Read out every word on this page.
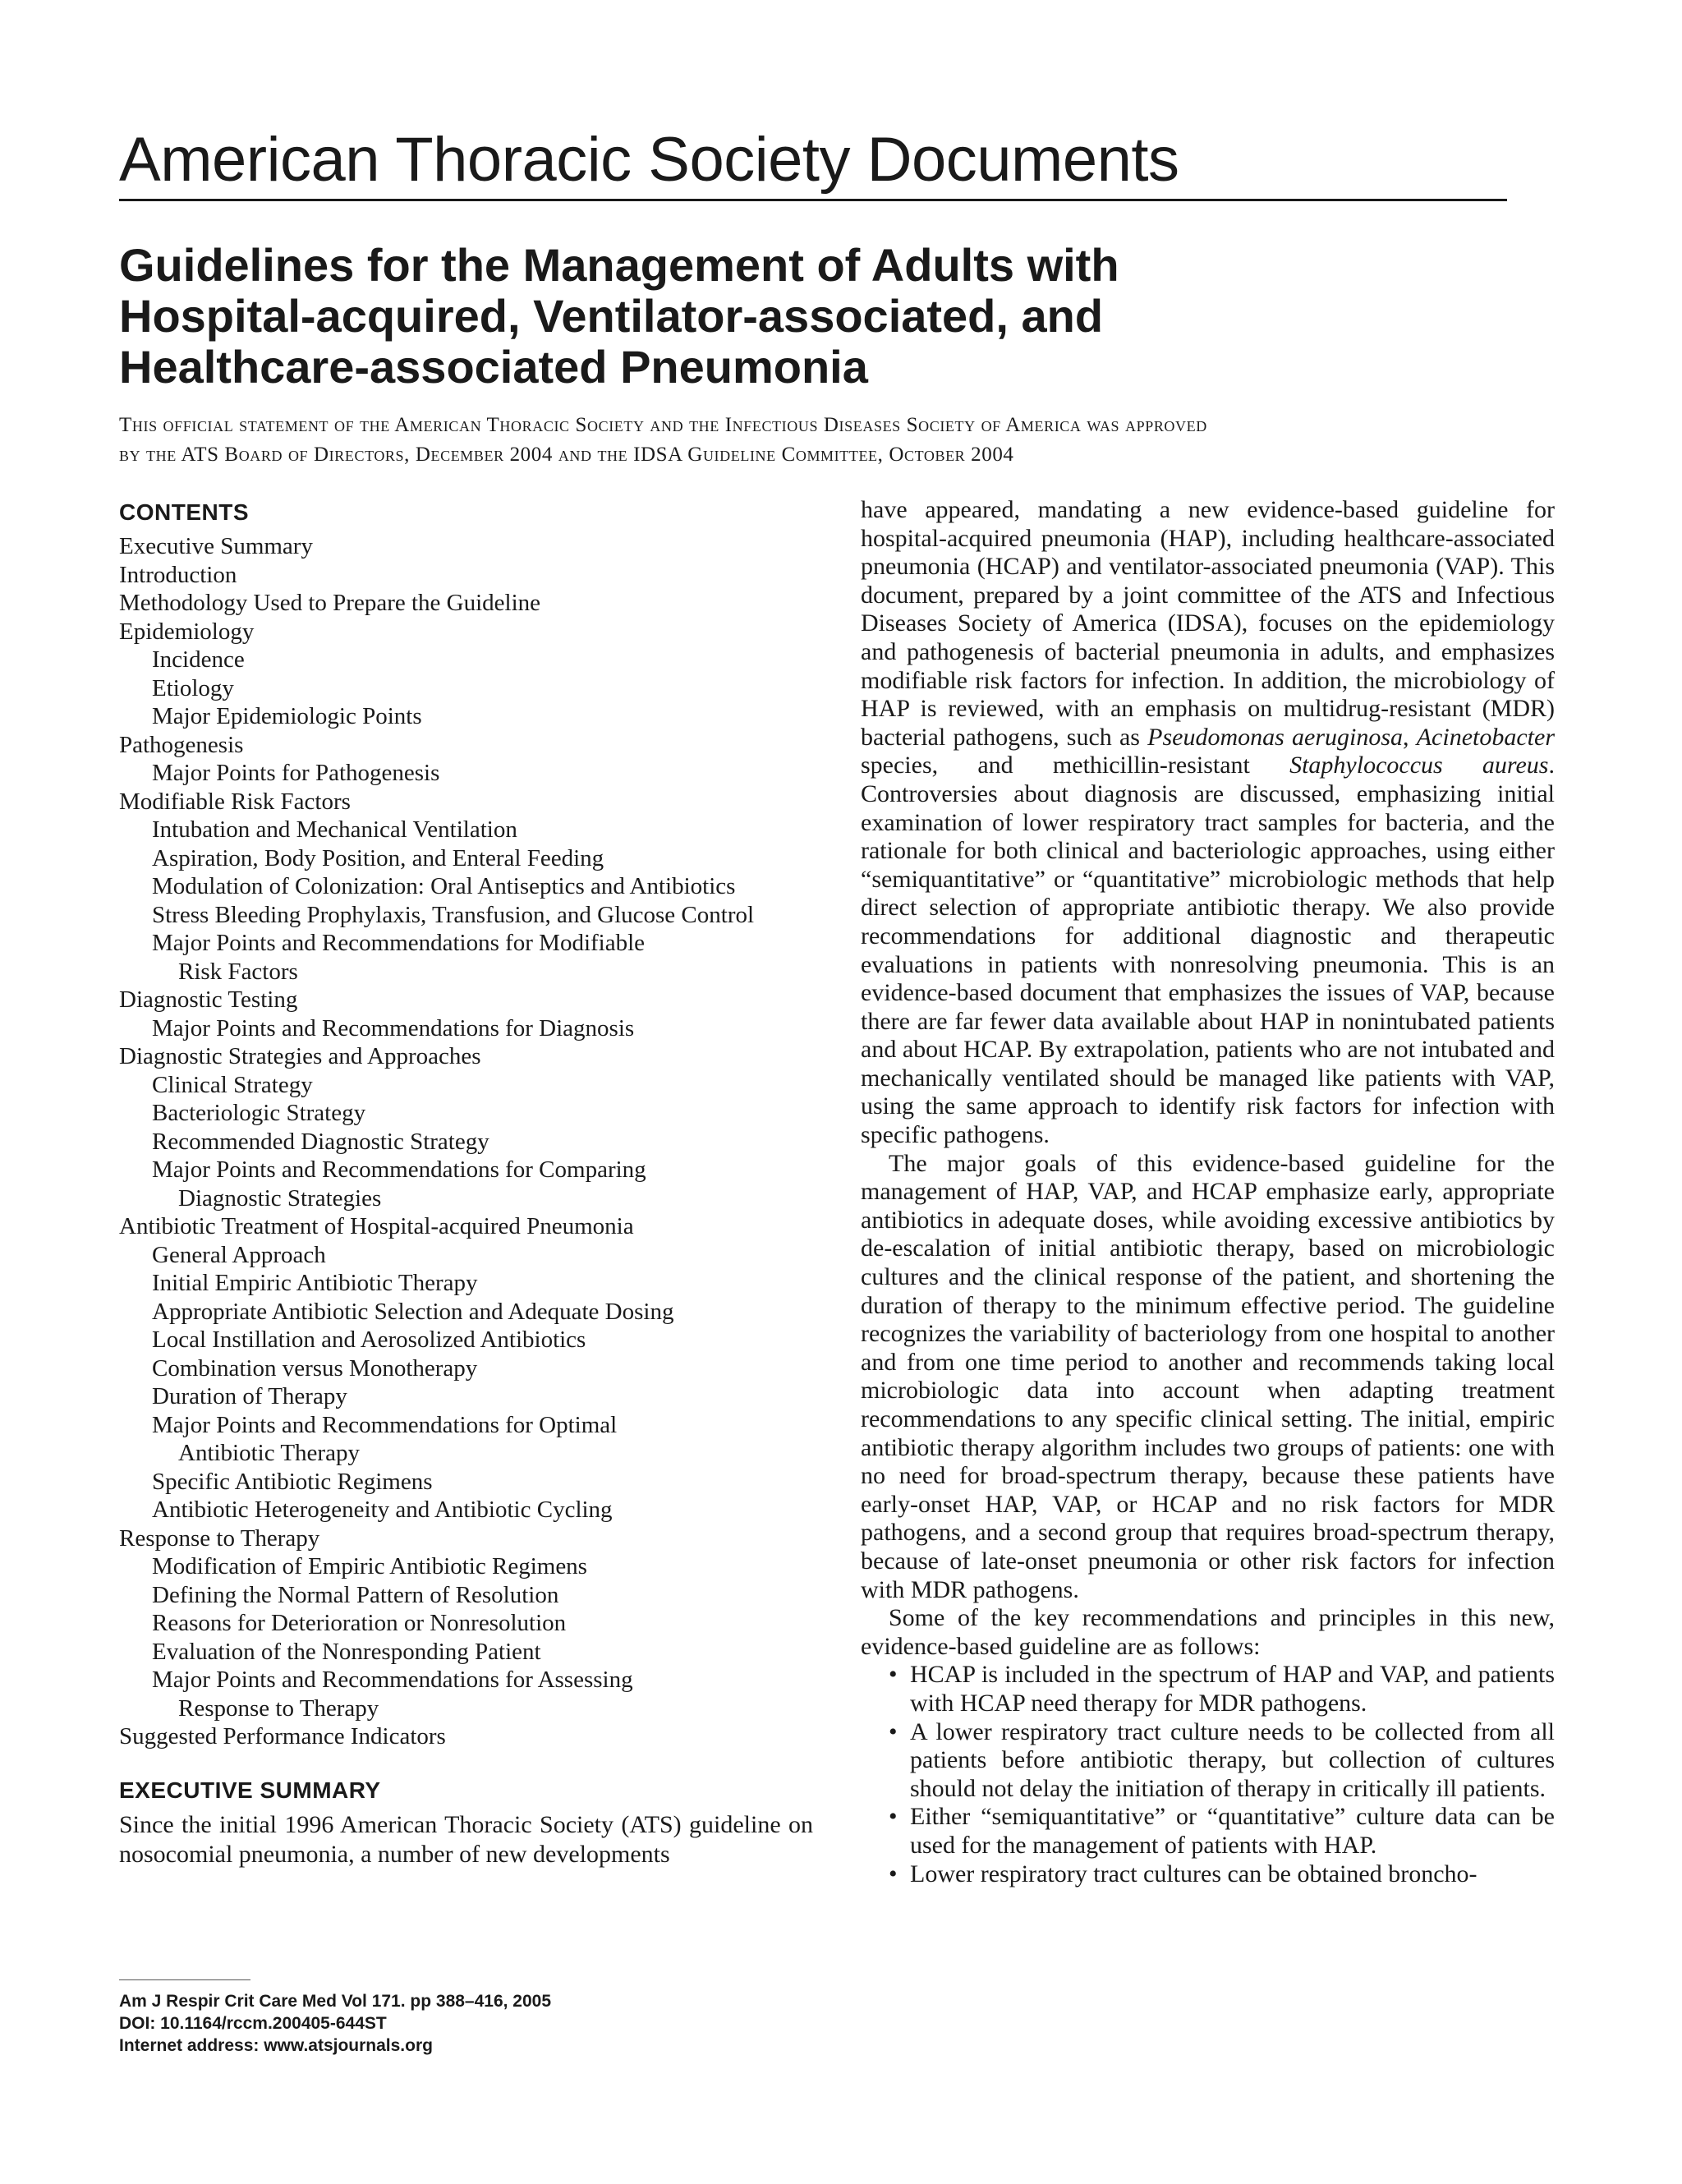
American Thoracic Society Documents
Guidelines for the Management of Adults with
Hospital-acquired, Ventilator-associated, and
Healthcare-associated Pneumonia
This official statement of the American Thoracic Society and the Infectious Diseases Society of America was approved
by the ATS Board of Directors, December 2004 and the IDSA Guideline Committee, October 2004
CONTENTS
Executive Summary
Introduction
Methodology Used to Prepare the Guideline
Epidemiology
Incidence
Etiology
Major Epidemiologic Points
Pathogenesis
Major Points for Pathogenesis
Modifiable Risk Factors
Intubation and Mechanical Ventilation
Aspiration, Body Position, and Enteral Feeding
Modulation of Colonization: Oral Antiseptics and Antibiotics
Stress Bleeding Prophylaxis, Transfusion, and Glucose Control
Major Points and Recommendations for Modifiable
Risk Factors
Diagnostic Testing
Major Points and Recommendations for Diagnosis
Diagnostic Strategies and Approaches
Clinical Strategy
Bacteriologic Strategy
Recommended Diagnostic Strategy
Major Points and Recommendations for Comparing
Diagnostic Strategies
Antibiotic Treatment of Hospital-acquired Pneumonia
General Approach
Initial Empiric Antibiotic Therapy
Appropriate Antibiotic Selection and Adequate Dosing
Local Instillation and Aerosolized Antibiotics
Combination versus Monotherapy
Duration of Therapy
Major Points and Recommendations for Optimal
Antibiotic Therapy
Specific Antibiotic Regimens
Antibiotic Heterogeneity and Antibiotic Cycling
Response to Therapy
Modification of Empiric Antibiotic Regimens
Defining the Normal Pattern of Resolution
Reasons for Deterioration or Nonresolution
Evaluation of the Nonresponding Patient
Major Points and Recommendations for Assessing
Response to Therapy
Suggested Performance Indicators
EXECUTIVE SUMMARY

Since the initial 1996 American Thoracic Society (ATS) guideline on nosocomial pneumonia, a number of new developments

have appeared, mandating a new evidence-based guideline for hospital-acquired pneumonia (HAP), including healthcare-associated pneumonia (HCAP) and ventilator-associated pneumonia (VAP). This document, prepared by a joint committee of the ATS and Infectious Diseases Society of America (IDSA), focuses on the epidemiology and pathogenesis of bacterial pneumonia in adults, and emphasizes modifiable risk factors for infection. In addition, the microbiology of HAP is reviewed, with an emphasis on multidrug-resistant (MDR) bacterial pathogens, such as Pseudomonas aeruginosa, Acinetobacter species, and methicillin-resistant Staphylococcus aureus. Controversies about diagnosis are discussed, emphasizing initial examination of lower respiratory tract samples for bacteria, and the rationale for both clinical and bacteriologic approaches, using either “semiquantitative” or “quantitative” microbiologic methods that help direct selection of appropriate antibiotic therapy. We also provide recommendations for additional diagnostic and therapeutic evaluations in patients with nonresolving pneumonia. This is an evidence-based document that emphasizes the issues of VAP, because there are far fewer data available about HAP in nonintubated patients and about HCAP. By extrapolation, patients who are not intubated and mechanically ventilated should be managed like patients with VAP, using the same approach to identify risk factors for infection with specific pathogens.

The major goals of this evidence-based guideline for the management of HAP, VAP, and HCAP emphasize early, appropriate antibiotics in adequate doses, while avoiding excessive antibiotics by de-escalation of initial antibiotic therapy, based on microbiologic cultures and the clinical response of the patient, and shortening the duration of therapy to the minimum effective period. The guideline recognizes the variability of bacteriology from one hospital to another and from one time period to another and recommends taking local microbiologic data into account when adapting treatment recommendations to any specific clinical setting. The initial, empiric antibiotic therapy algorithm includes two groups of patients: one with no need for broad-spectrum therapy, because these patients have early-onset HAP, VAP, or HCAP and no risk factors for MDR pathogens, and a second group that requires broad-spectrum therapy, because of late-onset pneumonia or other risk factors for infection with MDR pathogens.

Some of the key recommendations and principles in this new, evidence-based guideline are as follows:

• HCAP is included in the spectrum of HAP and VAP, and patients with HCAP need therapy for MDR pathogens.
• A lower respiratory tract culture needs to be collected from all patients before antibiotic therapy, but collection of cultures should not delay the initiation of therapy in critically ill patients.
• Either “semiquantitative” or “quantitative” culture data can be used for the management of patients with HAP.
• Lower respiratory tract cultures can be obtained broncho-
Am J Respir Crit Care Med Vol 171. pp 388–416, 2005
DOI: 10.1164/rccm.200405-644ST
Internet address: www.atsjournals.org
